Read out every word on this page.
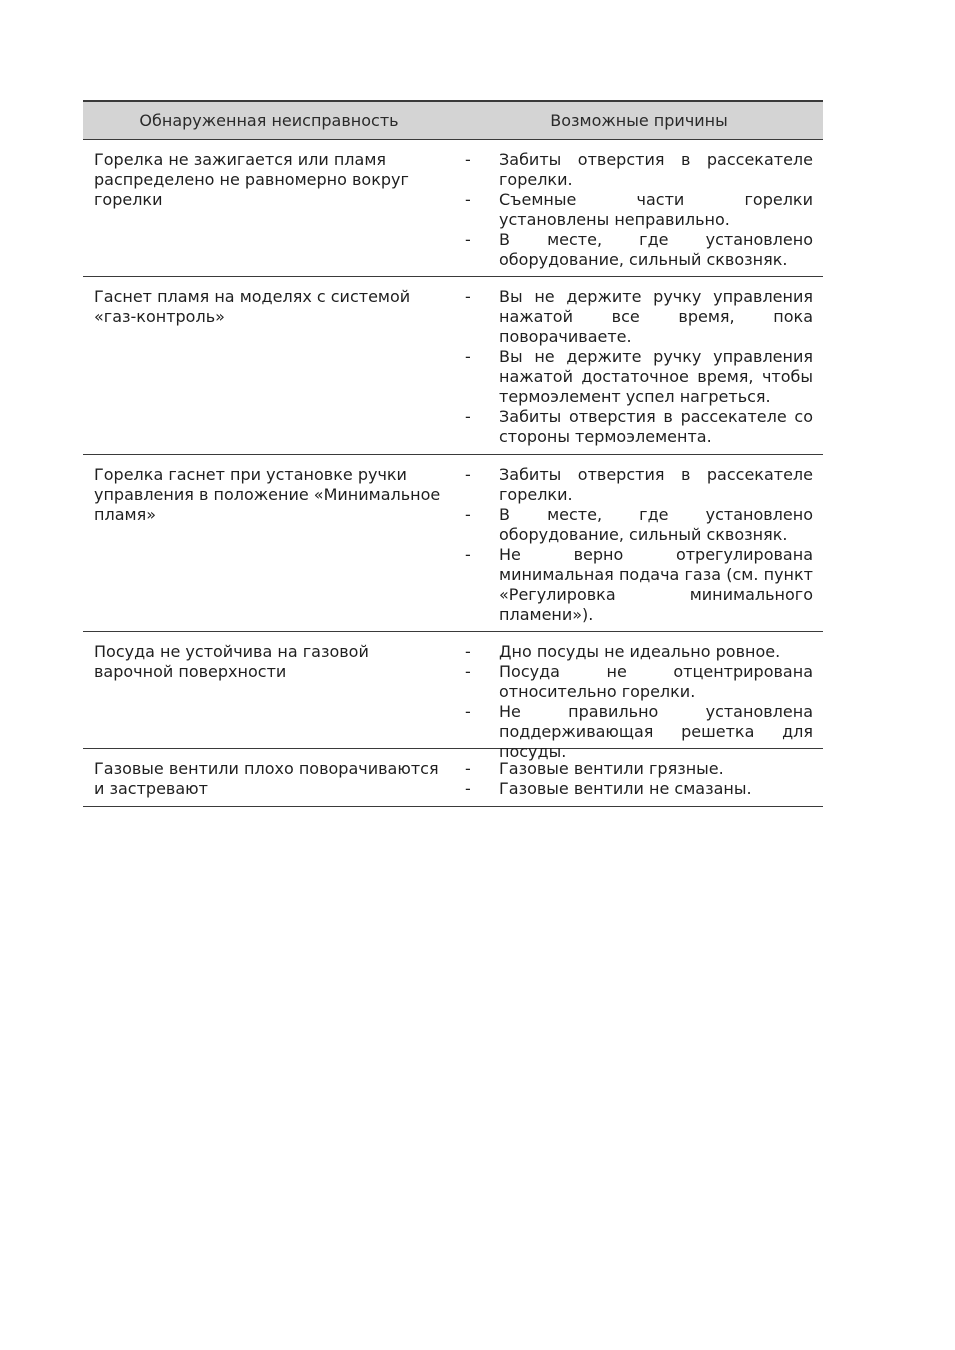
Обнаруженная неисправность	Возможные причины
Горелка не зажигается или пламя распределено не равномерно вокруг горелки
-	Забиты отверстия в рассекателе горелки.
-	Съемные части горелки установлены неправильно.
-	В месте, где установлено оборудование, сильный сквозняк.
Гаснет пламя на моделях с системой «газ-контроль»
-	Вы не держите ручку управления нажатой все время, пока поворачиваете.
-	Вы не держите ручку управления нажатой достаточное время, чтобы термоэлемент успел нагреться.
-	Забиты отверстия в рассекателе со стороны термоэлемента.
Горелка гаснет при установке ручки управления в положение «Минимальное пламя»
-	Забиты отверстия в рассекателе горелки.
-	В месте, где установлено оборудование, сильный сквозняк.
-	Не верно отрегулирована минимальная подача газа (см. пункт «Регулировка минимального пламени»).
Посуда не устойчива на газовой варочной поверхности
-	Дно посуды не идеально ровное.
-	Посуда не отцентрирована относительно горелки.
-	Не правильно установлена поддерживающая решетка для посуды.
Газовые вентили плохо поворачиваются и застревают
-	Газовые вентили грязные.
-	Газовые вентили не смазаны.
